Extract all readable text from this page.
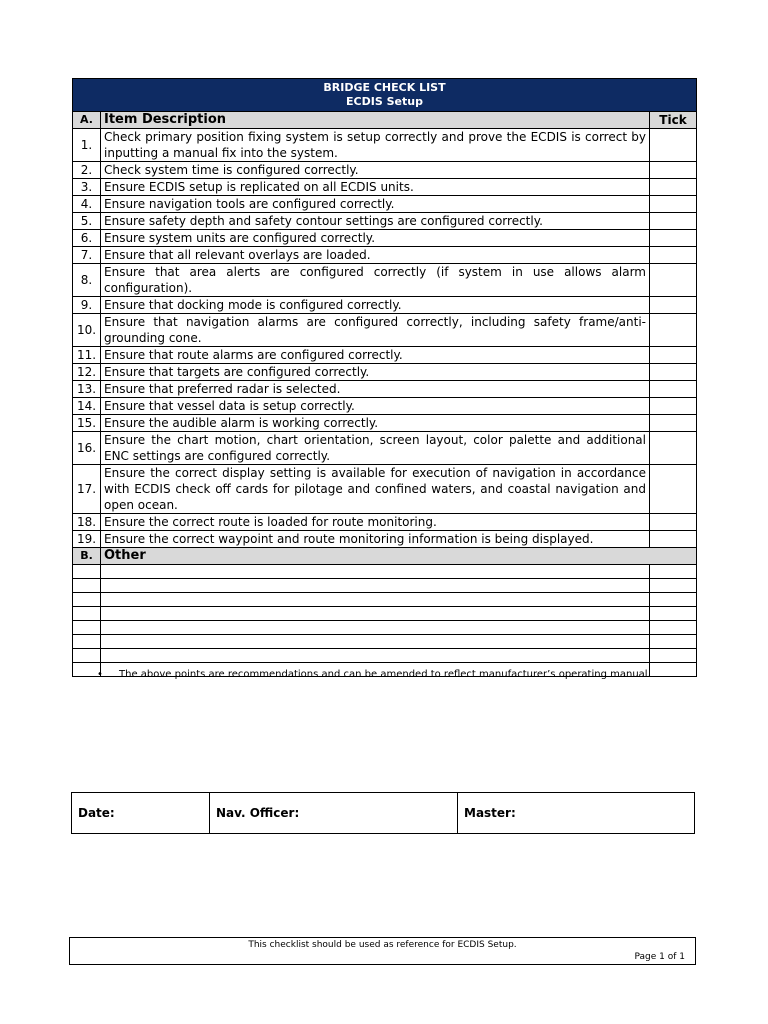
BRIDGE CHECK LIST
ECDIS Setup		

A.	Item Description	Tick
1.	Check primary position fixing system is setup correctly and prove the ECDIS is correct by inputting a manual fix into the system.	
2.	Check system time is configured correctly.	
3.	Ensure ECDIS setup is replicated on all ECDIS units.	
4.	Ensure navigation tools are configured correctly.	
5.	Ensure safety depth and safety contour settings are configured correctly.	
6.	Ensure system units are configured correctly.	
7.	Ensure that all relevant overlays are loaded.	
8.	Ensure that area alerts are configured correctly (if system in use allows alarm configuration).	
9.	Ensure that docking mode is configured correctly.	
10.	Ensure that navigation alarms are configured correctly, including safety frame/anti-grounding cone.	
11.	Ensure that route alarms are configured correctly.	
12.	Ensure that targets are configured correctly.	
13.	Ensure that preferred radar is selected.	
14.	Ensure that vessel data is setup correctly.	
15.	Ensure the audible alarm is working correctly.	
16.	Ensure the chart motion, chart orientation, screen layout, color palette and additional ENC settings are configured correctly.	
17.	Ensure the correct display setting is available for execution of navigation in accordance with ECDIS check off cards for pilotage and confined waters, and coastal navigation and open ocean.	
18.	Ensure the correct route is loaded for route monitoring.	
19.	Ensure the correct waypoint and route monitoring information is being displayed.	
B.	Other	

• The above points are recommendations and can be amended to reflect manufacturer’s operating manual.
Date:	Nav. Officer:	Master:
This checklist should be used as reference for ECDIS Setup.
Page 1 of 1
